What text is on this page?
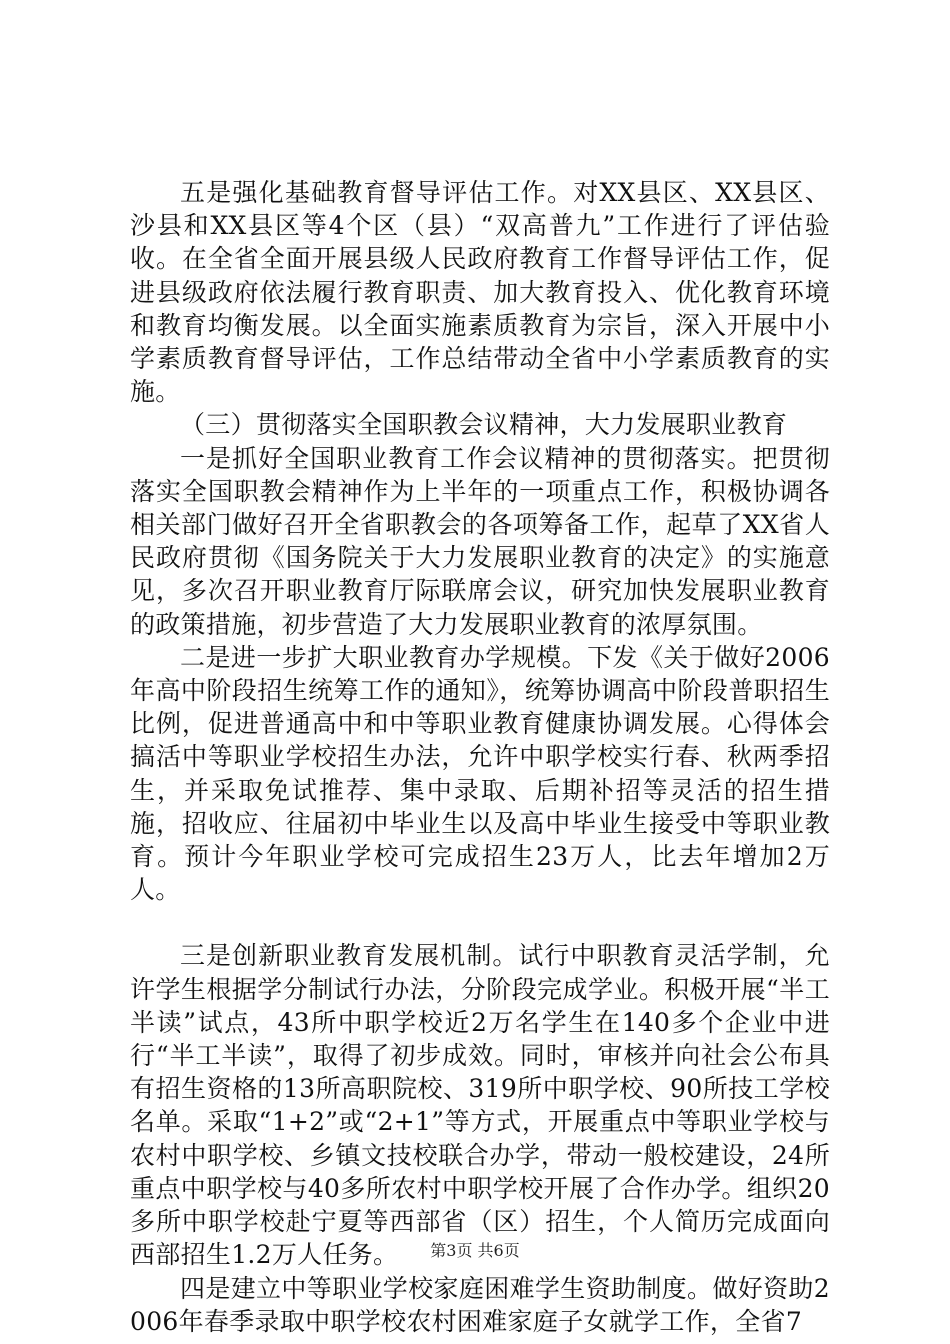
五是强化基础教育督导评估工作。对XX县区、XX县区、沙县和XX县区等4个区（县）“双高普九”工作进行了评估验收。在全省全面开展县级人民政府教育工作督导评估工作，促进县级政府依法履行教育职责、加大教育投入、优化教育环境和教育均衡发展。以全面实施素质教育为宗旨，深入开展中小学素质教育督导评估，工作总结带动全省中小学素质教育的实施。

（三）贯彻落实全国职教会议精神，大力发展职业教育

一是抓好全国职业教育工作会议精神的贯彻落实。把贯彻落实全国职教会精神作为上半年的一项重点工作，积极协调各相关部门做好召开全省职教会的各项筹备工作，起草了XX省人民政府贯彻《国务院关于大力发展职业教育的决定》的实施意见，多次召开职业教育厅际联席会议，研究加快发展职业教育的政策措施，初步营造了大力发展职业教育的浓厚氛围。

二是进一步扩大职业教育办学规模。下发《关于做好2006年高中阶段招生统筹工作的通知》，统筹协调高中阶段普职招生比例，促进普通高中和中等职业教育健康协调发展。心得体会搞活中等职业学校招生办法，允许中职学校实行春、秋两季招生，并采取免试推荐、集中录取、后期补招等灵活的招生措施，招收应、往届初中毕业生以及高中毕业生接受中等职业教育。预计今年职业学校可完成招生23万人，比去年增加2万人。

三是创新职业教育发展机制。试行中职教育灵活学制，允许学生根据学分制试行办法，分阶段完成学业。积极开展“半工半读”试点，43所中职学校近2万名学生在140多个企业中进行“半工半读”，取得了初步成效。同时，审核并向社会公布具有招生资格的13所高职院校、319所中职学校、90所技工学校名单。采取“1+2”或“2+1”等方式，开展重点中等职业学校与农村中职学校、乡镇文技校联合办学，带动一般校建设，24所重点中职学校与40多所农村中职学校开展了合作办学。组织20多所中职学校赴宁夏等西部省（区）招生，个人简历完成面向西部招生1.2万人任务。

四是建立中等职业学校家庭困难学生资助制度。做好资助2006年春季录取中职学校农村困难家庭子女就学工作，全省7

第3页 共6页
